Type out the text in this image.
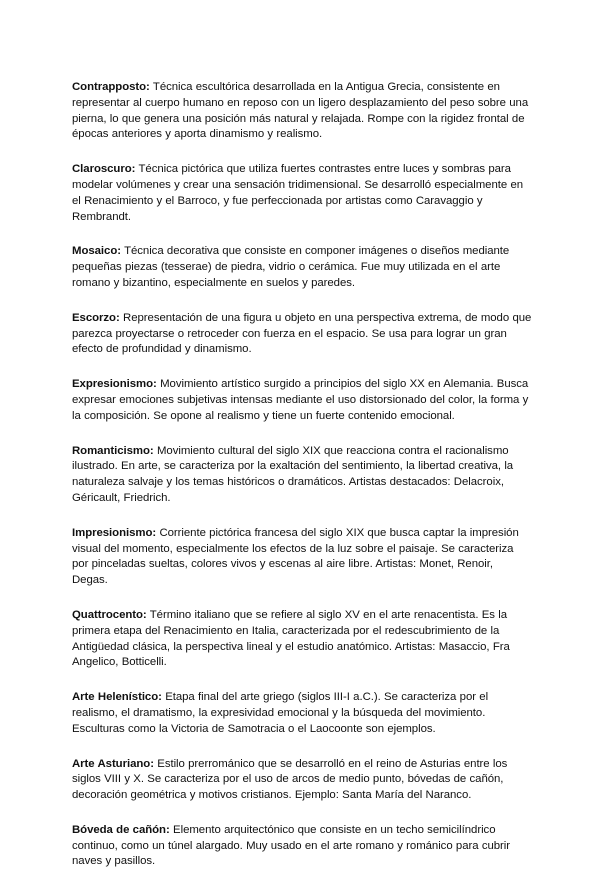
Contrapposto: Técnica escultórica desarrollada en la Antigua Grecia, consistente en representar al cuerpo humano en reposo con un ligero desplazamiento del peso sobre una pierna, lo que genera una posición más natural y relajada. Rompe con la rigidez frontal de épocas anteriores y aporta dinamismo y realismo.

Claroscuro: Técnica pictórica que utiliza fuertes contrastes entre luces y sombras para modelar volúmenes y crear una sensación tridimensional. Se desarrolló especialmente en el Renacimiento y el Barroco, y fue perfeccionada por artistas como Caravaggio y Rembrandt.

Mosaico: Técnica decorativa que consiste en componer imágenes o diseños mediante pequeñas piezas (tesserae) de piedra, vidrio o cerámica. Fue muy utilizada en el arte romano y bizantino, especialmente en suelos y paredes.

Escorzo: Representación de una figura u objeto en una perspectiva extrema, de modo que parezca proyectarse o retroceder con fuerza en el espacio. Se usa para lograr un gran efecto de profundidad y dinamismo.

Expresionismo: Movimiento artístico surgido a principios del siglo XX en Alemania. Busca expresar emociones subjetivas intensas mediante el uso distorsionado del color, la forma y la composición. Se opone al realismo y tiene un fuerte contenido emocional.

Romanticismo: Movimiento cultural del siglo XIX que reacciona contra el racionalismo ilustrado. En arte, se caracteriza por la exaltación del sentimiento, la libertad creativa, la naturaleza salvaje y los temas históricos o dramáticos. Artistas destacados: Delacroix, Géricault, Friedrich.

Impresionismo: Corriente pictórica francesa del siglo XIX que busca captar la impresión visual del momento, especialmente los efectos de la luz sobre el paisaje. Se caracteriza por pinceladas sueltas, colores vivos y escenas al aire libre. Artistas: Monet, Renoir, Degas.

Quattrocento: Término italiano que se refiere al siglo XV en el arte renacentista. Es la primera etapa del Renacimiento en Italia, caracterizada por el redescubrimiento de la Antigüedad clásica, la perspectiva lineal y el estudio anatómico. Artistas: Masaccio, Fra Angelico, Botticelli.

Arte Helenístico: Etapa final del arte griego (siglos III-I a.C.). Se caracteriza por el realismo, el dramatismo, la expresividad emocional y la búsqueda del movimiento. Esculturas como la Victoria de Samotracia o el Laocoonte son ejemplos.

Arte Asturiano: Estilo prerrománico que se desarrolló en el reino de Asturias entre los siglos VIII y X. Se caracteriza por el uso de arcos de medio punto, bóvedas de cañón, decoración geométrica y motivos cristianos. Ejemplo: Santa María del Naranco.

Bóveda de cañón: Elemento arquitectónico que consiste en un techo semicilíndrico continuo, como un túnel alargado. Muy usado en el arte romano y románico para cubrir naves y pasillos.
